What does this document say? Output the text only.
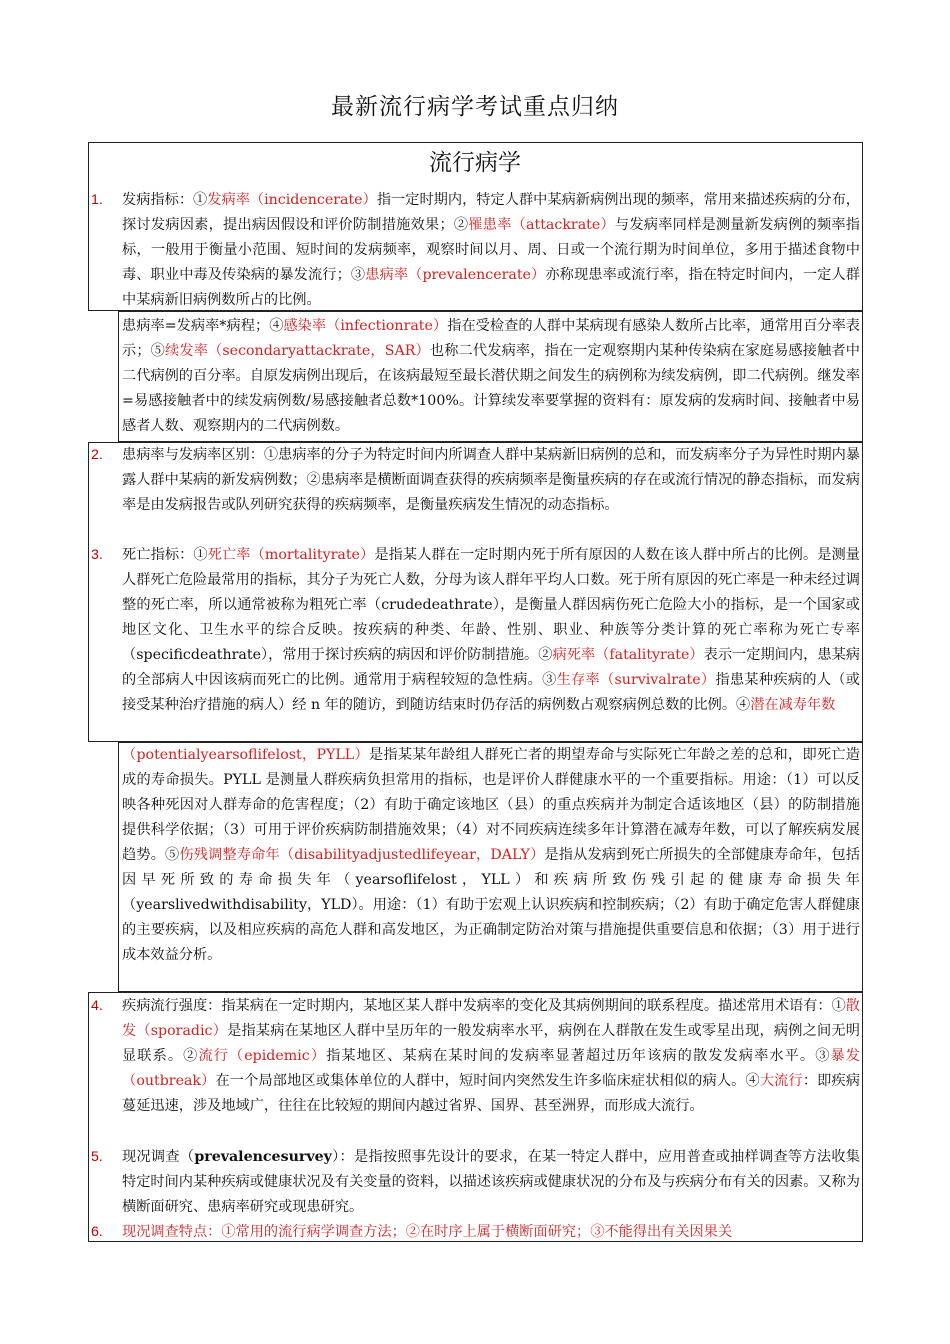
最新流行病学考试重点归纳
流行病学
1.
2.
3.
4.
5.
6.
发病指标：①发病率（incidencerate）指一定时期内，特定人群中某病新病例出现的频率，常用来描述疾病的分布，探讨发病因素，提出病因假设和评价防制措施效果；②罹患率（attackrate）与发病率同样是测量新发病例的频率指标，一般用于衡量小范围、短时间的发病频率，观察时间以月、周、日或一个流行期为时间单位，多用于描述食物中毒、职业中毒及传染病的暴发流行；③患病率（prevalencerate）亦称现患率或流行率，指在特定时间内，一定人群中某病新旧病例数所占的比例。
患病率=发病率*病程；④感染率（infectionrate）指在受检查的人群中某病现有感染人数所占比率，通常用百分率表示；⑤续发率（secondaryattackrate，SAR）也称二代发病率，指在一定观察期内某种传染病在家庭易感接触者中二代病例的百分率。自原发病例出现后，在该病最短至最长潜伏期之间发生的病例称为续发病例，即二代病例。继发率=易感接触者中的续发病例数/易感接触者总数*100%。计算续发率要掌握的资料有：原发病的发病时间、接触者中易感者人数、观察期内的二代病例数。
患病率与发病率区别：①患病率的分子为特定时间内所调查人群中某病新旧病例的总和，而发病率分子为异性时期内暴露人群中某病的新发病例数；②患病率是横断面调查获得的疾病频率是衡量疾病的存在或流行情况的静态指标，而发病率是由发病报告或队列研究获得的疾病频率，是衡量疾病发生情况的动态指标。
死亡指标：①死亡率（mortalityrate）是指某人群在一定时期内死于所有原因的人数在该人群中所占的比例。是测量人群死亡危险最常用的指标，其分子为死亡人数，分母为该人群年平均人口数。死于所有原因的死亡率是一种未经过调整的死亡率，所以通常被称为粗死亡率（crudedeathrate），是衡量人群因病伤死亡危险大小的指标，是一个国家或地区文化、卫生水平的综合反映。按疾病的种类、年龄、性别、职业、种族等分类计算的死亡率称为死亡专率（specificdeathrate），常用于探讨疾病的病因和评价防制措施。②病死率（fatalityrate）表示一定期间内，患某病的全部病人中因该病而死亡的比例。通常用于病程较短的急性病。③生存率（survivalrate）指患某种疾病的人（或接受某种治疗措施的病人）经 n 年的随访，到随访结束时仍存活的病例数占观察病例总数的比例。④潜在减寿年数
（potentialyearsoflifelost，PYLL）是指某某年龄组人群死亡者的期望寿命与实际死亡年龄之差的总和，即死亡造成的寿命损失。PYLL 是测量人群疾病负担常用的指标，也是评价人群健康水平的一个重要指标。用途：（1）可以反映各种死因对人群寿命的危害程度；（2）有助于确定该地区（县）的重点疾病并为制定合适该地区（县）的防制措施提供科学依据；（3）可用于评价疾病防制措施效果；（4）对不同疾病连续多年计算潜在减寿年数，可以了解疾病发展趋势。⑤伤残调整寿命年（disabilityadjustedlifeyear，DALY）是指从发病到死亡所损失的全部健康寿命年，包括因早死所致的寿命损失年（yearsoflifelost，YLL）和疾病所致伤残引起的健康寿命损失年（yearslivedwithdisability，YLD）。用途：（1）有助于宏观上认识疾病和控制疾病；（2）有助于确定危害人群健康的主要疾病，以及相应疾病的高危人群和高发地区，为正确制定防治对策与措施提供重要信息和依据；（3）用于进行成本效益分析。
疾病流行强度：指某病在一定时期内，某地区某人群中发病率的变化及其病例期间的联系程度。描述常用术语有：①散发（sporadic）是指某病在某地区人群中呈历年的一般发病率水平，病例在人群散在发生或零星出现，病例之间无明显联系。②流行（epidemic）指某地区、某病在某时间的发病率显著超过历年该病的散发发病率水平。③暴发（outbreak）在一个局部地区或集体单位的人群中，短时间内突然发生许多临床症状相似的病人。④大流行：即疾病蔓延迅速，涉及地域广，往往在比较短的期间内越过省界、国界、甚至洲界，而形成大流行。
现况调查（prevalencesurvey）：是指按照事先设计的要求，在某一特定人群中，应用普查或抽样调查等方法收集特定时间内某种疾病或健康状况及有关变量的资料，以描述该疾病或健康状况的分布及与疾病分布有关的因素。又称为横断面研究、患病率研究或现患研究。
现况调查特点：①常用的流行病学调查方法；②在时序上属于横断面研究；③不能得出有关因果关
